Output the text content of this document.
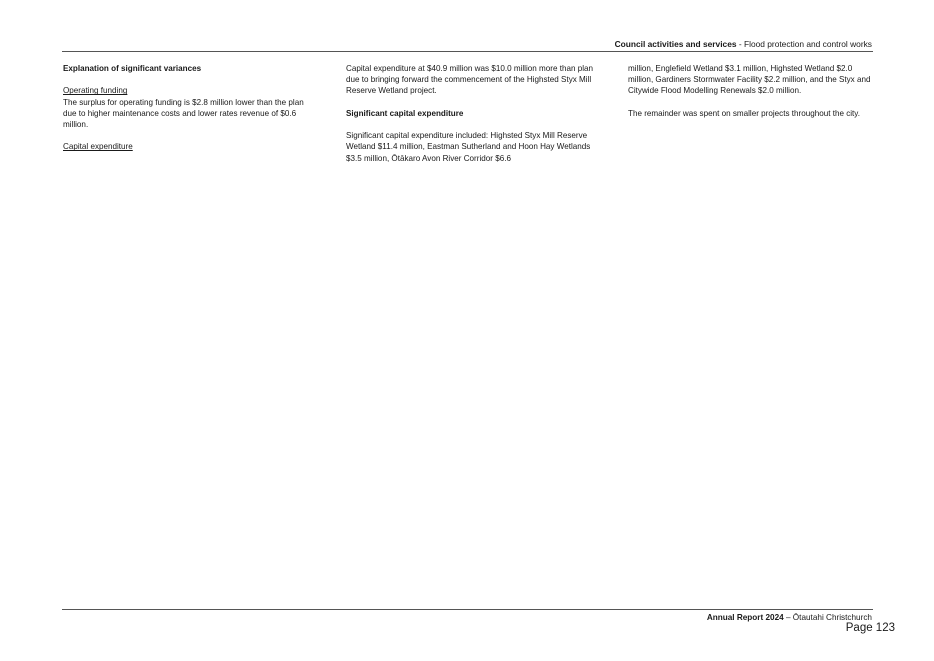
Council activities and services - Flood protection and control works

Explanation of significant variances

Operating funding

The surplus for operating funding is $2.8 million lower than the plan due to higher maintenance costs and lower rates revenue of $0.6 million.

Capital expenditure

Capital expenditure at $40.9 million was $10.0 million more than plan due to bringing forward the commencement of the Highsted Styx Mill Reserve Wetland project.

Significant capital expenditure

Significant capital expenditure included: Highsted Styx Mill Reserve Wetland $11.4 million, Eastman Sutherland and Hoon Hay Wetlands $3.5 million, Ōtākaro Avon River Corridor $6.6

million, Englefield Wetland $3.1 million, Highsted Wetland $2.0 million, Gardiners Stormwater Facility $2.2 million, and the Styx and Citywide Flood Modelling Renewals $2.0 million.

The remainder was spent on smaller projects throughout the city.

Annual Report 2024 – Ōtautahi Christchurch
Page 123
